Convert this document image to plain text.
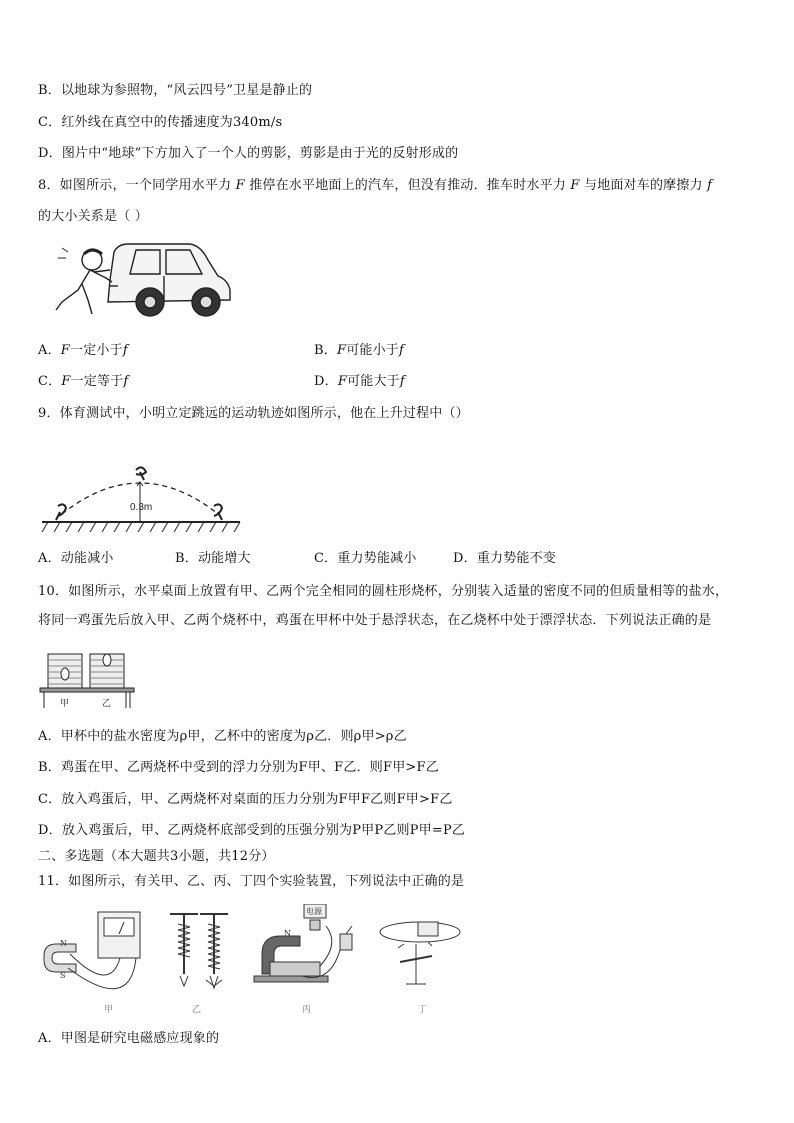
B．以地球为参照物，“风云四号”卫星是静止的
C．红外线在真空中的传播速度为340m/s
D．图片中“地球”下方加入了一个人的剪影，剪影是由于光的反射形成的
8．如图所示，一个同学用水平力 F 推停在水平地面上的汽车，但没有推动．推车时水平力 F 与地面对车的摩擦力 f
的大小关系是（ ）
A．F一定小于f	B．F可能小于f
C．F一定等于f	D．F可能大于f
9．体育测试中，小明立定跳远的运动轨迹如图所示，他在上升过程中（）
0.3m
A．动能减小	B．动能增大	C．重力势能减小	D．重力势能不变
10．如图所示，水平桌面上放置有甲、乙两个完全相同的圆柱形烧杯，分别装入适量的密度不同的但质量相等的盐水，
将同一鸡蛋先后放入甲、乙两个烧杯中，鸡蛋在甲杯中处于悬浮状态，在乙烧杯中处于漂浮状态．下列说法正确的是
甲	乙
A．甲杯中的盐水密度为ρ甲，乙杯中的密度为ρ乙．则ρ甲>ρ乙
B．鸡蛋在甲、乙两烧杯中受到的浮力分别为F甲、F乙．则F甲>F乙
C．放入鸡蛋后，甲、乙两烧杯对桌面的压力分别为F甲F乙则F甲>F乙
D．放入鸡蛋后，甲、乙两烧杯底部受到的压强分别为P甲P乙则P甲=P乙
二、多选题（本大题共3小题，共12分）
11．如图所示，有关甲、乙、丙、丁四个实验装置，下列说法中正确的是
N
S
电源
N
甲	乙	丙	丁
A．甲图是研究电磁感应现象的
